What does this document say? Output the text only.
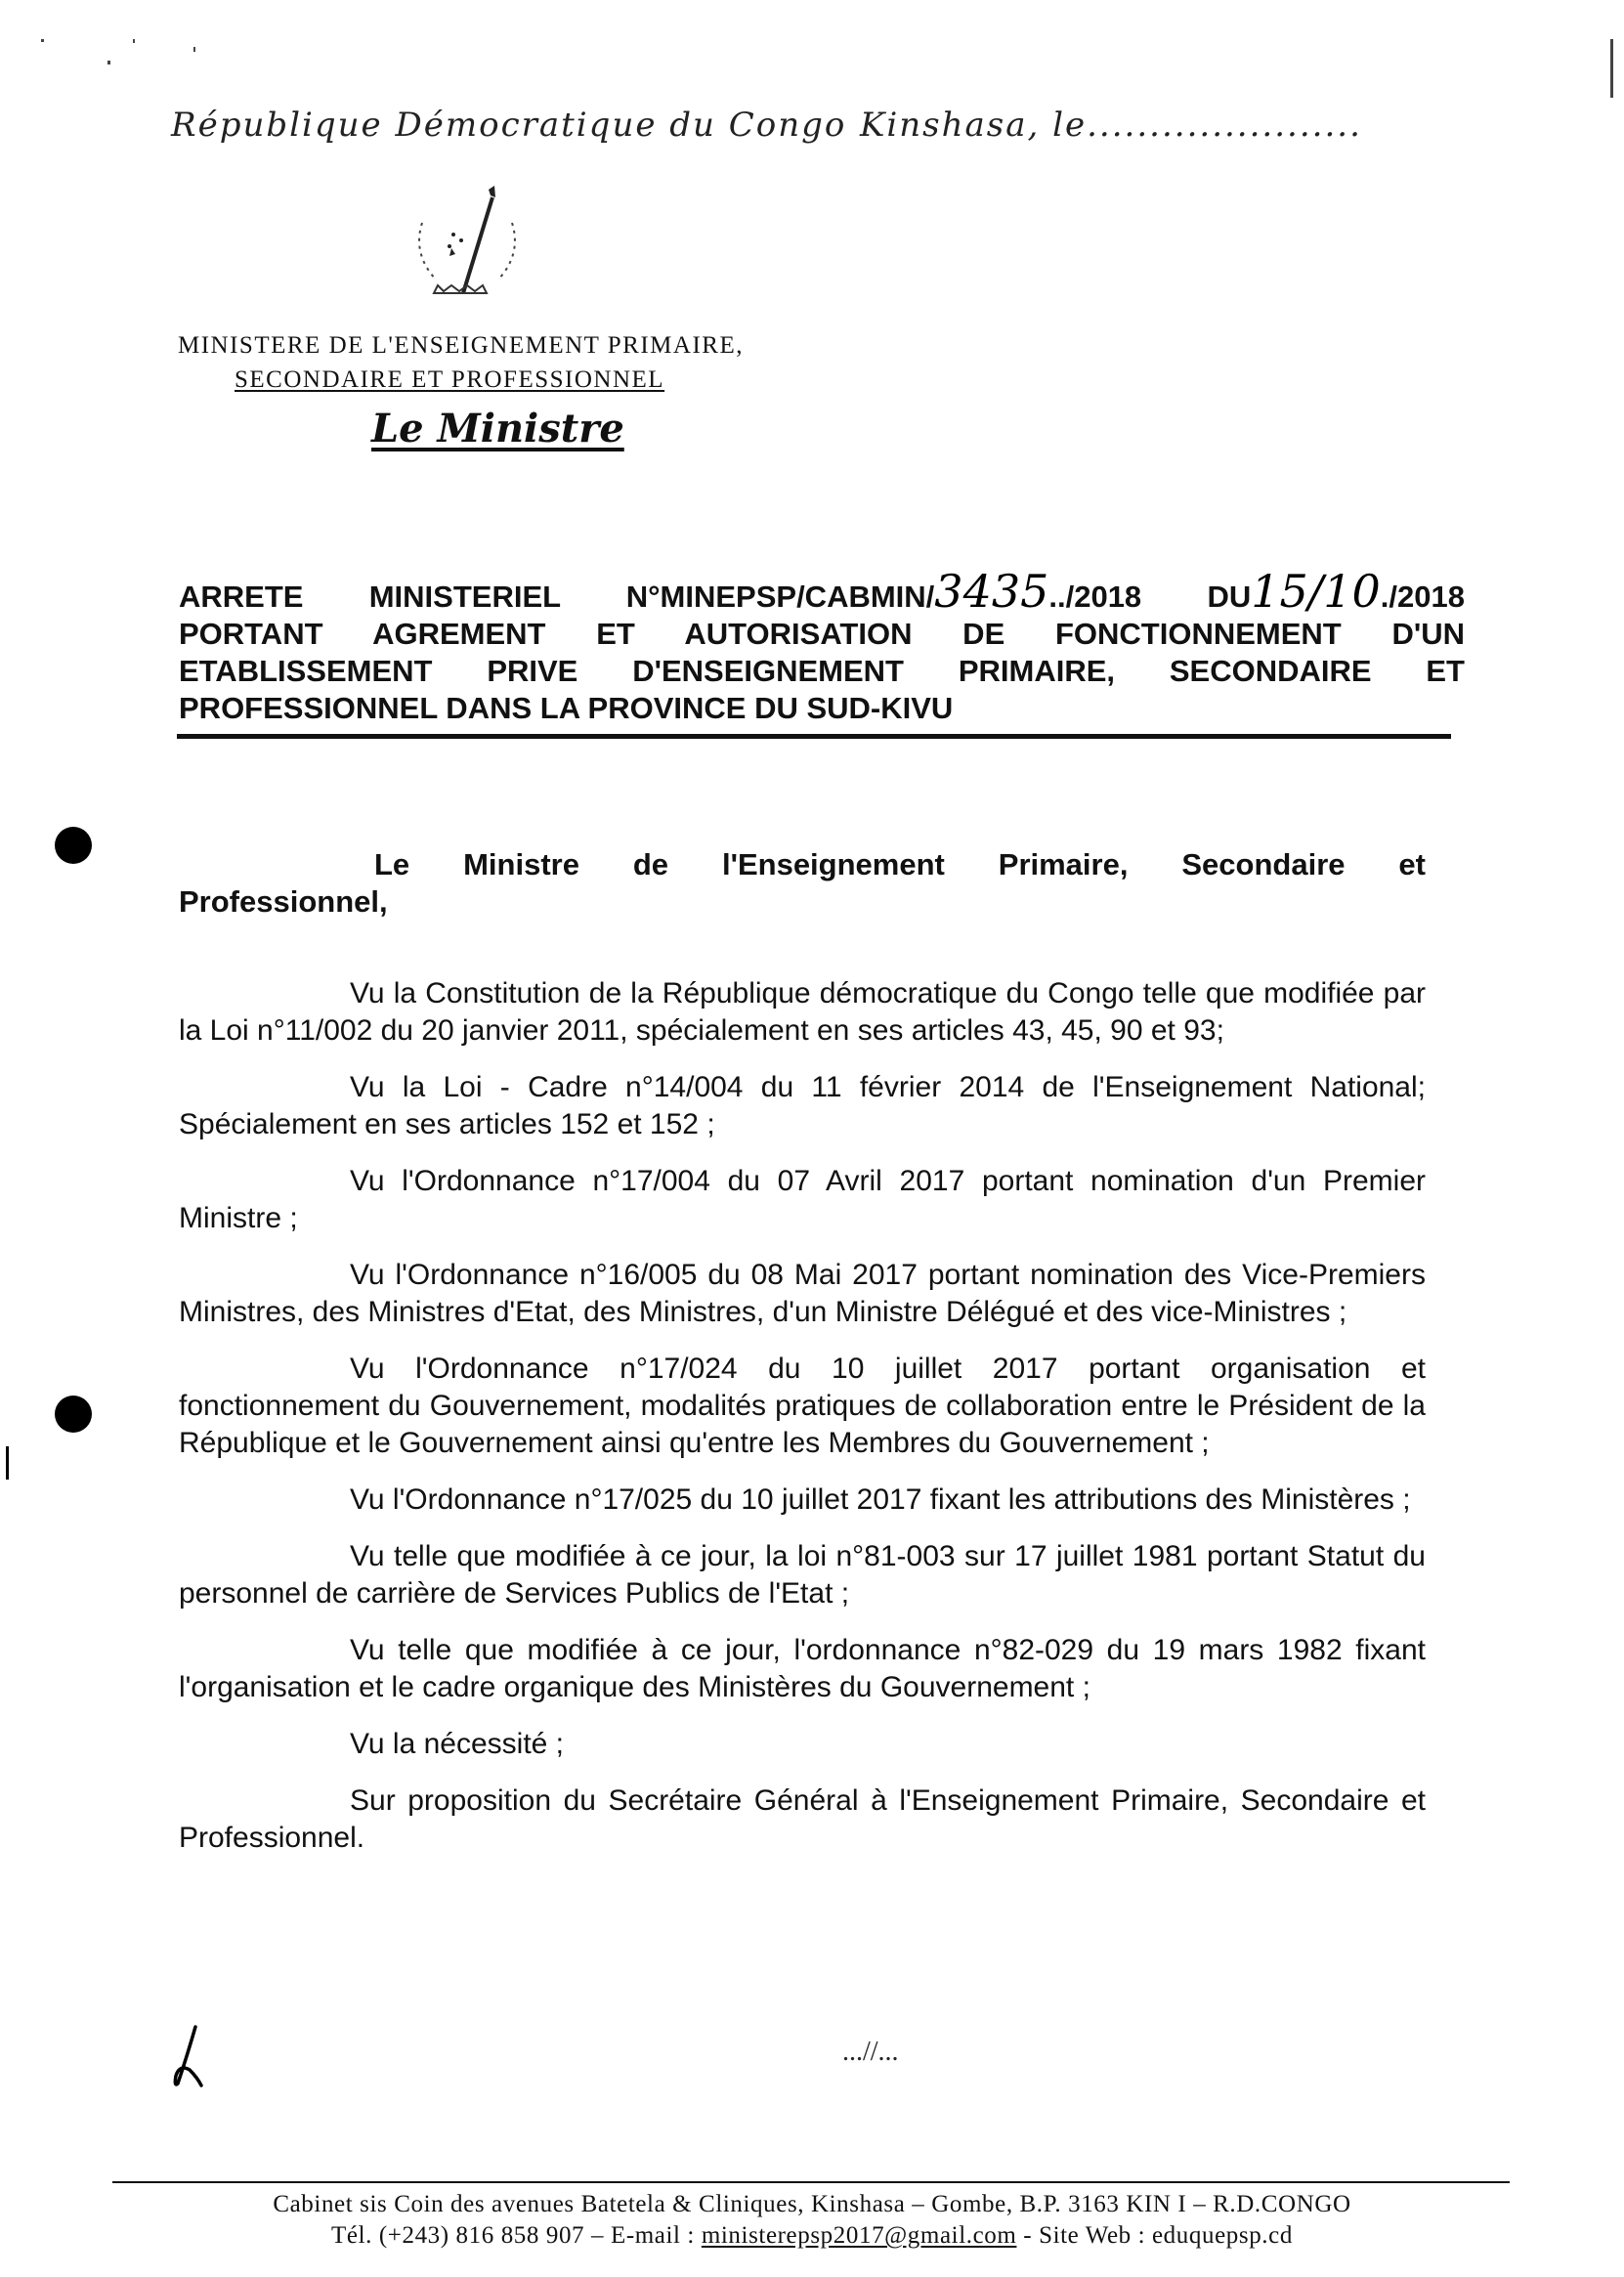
République Démocratique du Congo Kinshasa, le......................
MINISTERE DE L'ENSEIGNEMENT PRIMAIRE,
SECONDAIRE ET PROFESSIONNEL
Le Ministre
ARRETE MINISTERIEL N°MINEPSP/CABMIN/3435../2018 DU15/10./2018
PORTANT AGREMENT ET AUTORISATION DE FONCTIONNEMENT D'UN
ETABLISSEMENT PRIVE D'ENSEIGNEMENT PRIMAIRE, SECONDAIRE ET
PROFESSIONNEL DANS LA PROVINCE DU SUD-KIVU

Le Ministre de l'Enseignement Primaire, Secondaire et Professionnel,

Vu la Constitution de la République démocratique du Congo telle que modifiée par la Loi n°11/002 du 20 janvier 2011, spécialement en ses articles 43, 45, 90 et 93;

Vu la Loi - Cadre n°14/004 du 11 février 2014 de l'Enseignement National; Spécialement en ses articles 152 et 152 ;

Vu l'Ordonnance n°17/004 du 07 Avril 2017 portant nomination d'un Premier Ministre ;

Vu l'Ordonnance n°16/005 du 08 Mai 2017 portant nomination des Vice-Premiers Ministres, des Ministres d'Etat, des Ministres, d'un Ministre Délégué et des vice-Ministres ;

Vu l'Ordonnance n°17/024 du 10 juillet 2017 portant organisation et fonctionnement du Gouvernement, modalités pratiques de collaboration entre le Président de la République et le Gouvernement ainsi qu'entre les Membres du Gouvernement ;

Vu l'Ordonnance n°17/025 du 10 juillet 2017 fixant les attributions des Ministères ;

Vu telle que modifiée à ce jour, la loi n°81-003 sur 17 juillet 1981 portant Statut du personnel de carrière de Services Publics de l'Etat ;

Vu telle que modifiée à ce jour, l'ordonnance n°82-029 du 19 mars 1982 fixant l'organisation et le cadre organique des Ministères du Gouvernement ;

Vu la nécessité ;

Sur proposition du Secrétaire Général à l'Enseignement Primaire, Secondaire et Professionnel.

...//...
Cabinet sis Coin des avenues Batetela & Cliniques, Kinshasa – Gombe, B.P. 3163 KIN I – R.D.CONGO
Tél. (+243) 816 858 907 – E-mail : ministerepsp2017@gmail.com - Site Web : eduquepsp.cd
